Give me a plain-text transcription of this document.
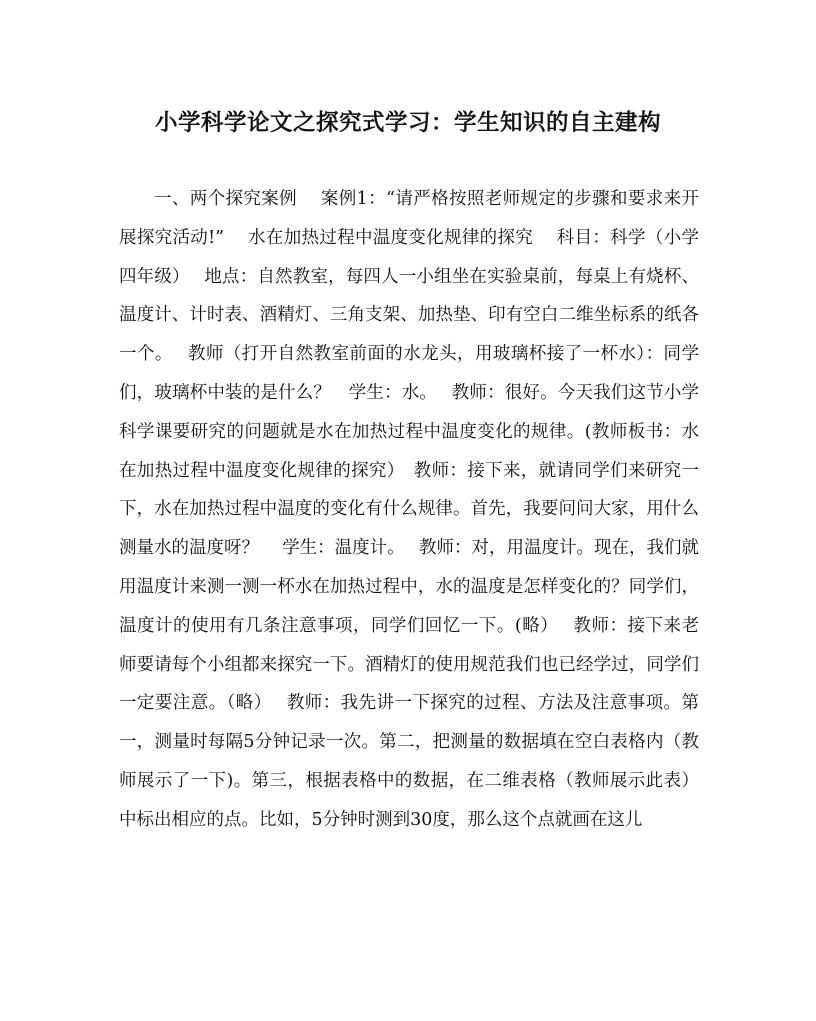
小学科学论文之探究式学习：学生知识的自主建构

一、两个探究案例　 案例1：“请严格按照老师规定的步骤和要求来开展探究活动!”　 水在加热过程中温度变化规律的探究　 科目：科学（小学四年级）　 地点：自然教室，每四人一小组坐在实验桌前，每桌上有烧杯、温度计、计时表、酒精灯、三角支架、加热垫、印有空白二维坐标系的纸各一个。　 教师（打开自然教室前面的水龙头，用玻璃杯接了一杯水）：同学们，玻璃杯中装的是什么？　学生：水。　 教师：很好。今天我们这节小学科学课要研究的问题就是水在加热过程中温度变化的规律。(教师板书：水在加热过程中温度变化规律的探究）　教师：接下来，就请同学们来研究一下，水在加热过程中温度的变化有什么规律。首先，我要问问大家，用什么测量水的温度呀？　 学生：温度计。　 教师：对，用温度计。现在，我们就用温度计来测一测一杯水在加热过程中，水的温度是怎样变化的？同学们，温度计的使用有几条注意事项，同学们回忆一下。(略）　 教师：接下来老师要请每个小组都来探究一下。酒精灯的使用规范我们也已经学过，同学们一定要注意。（略）　 教师：我先讲一下探究的过程、方法及注意事项。第一，测量时每隔5分钟记录一次。第二，把测量的数据填在空白表格内（教师展示了一下)。第三，根据表格中的数据，在二维表格（教师展示此表）中标出相应的点。比如，5分钟时测到30度，那么这个点就画在这儿
